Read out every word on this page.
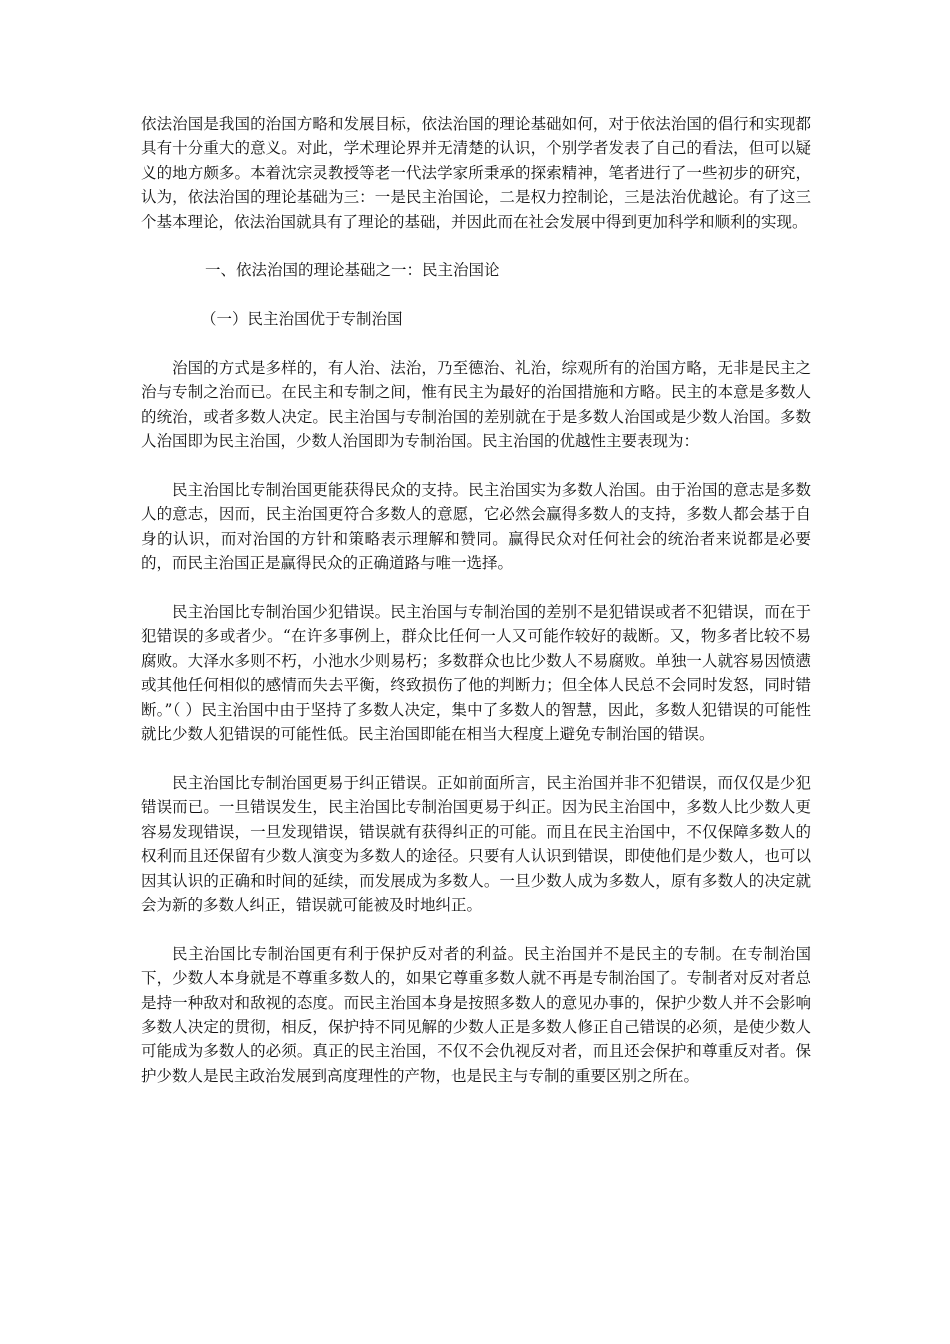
依法治国是我国的治国方略和发展目标，依法治国的理论基础如何，对于依法治国的倡行和实现都具有十分重大的意义。对此，学术理论界并无清楚的认识，个别学者发表了自己的看法，但可以疑义的地方颇多。本着沈宗灵教授等老一代法学家所秉承的探索精神，笔者进行了一些初步的研究，认为，依法治国的理论基础为三：一是民主治国论，二是权力控制论，三是法治优越论。有了这三个基本理论，依法治国就具有了理论的基础，并因此而在社会发展中得到更加科学和顺利的实现。

一、依法治国的理论基础之一：民主治国论

（一）民主治国优于专制治国

治国的方式是多样的，有人治、法治，乃至德治、礼治，综观所有的治国方略，无非是民主之治与专制之治而已。在民主和专制之间，惟有民主为最好的治国措施和方略。民主的本意是多数人的统治，或者多数人决定。民主治国与专制治国的差别就在于是多数人治国或是少数人治国。多数人治国即为民主治国，少数人治国即为专制治国。民主治国的优越性主要表现为：

民主治国比专制治国更能获得民众的支持。民主治国实为多数人治国。由于治国的意志是多数人的意志，因而，民主治国更符合多数人的意愿，它必然会赢得多数人的支持，多数人都会基于自身的认识，而对治国的方针和策略表示理解和赞同。赢得民众对任何社会的统治者来说都是必要的，而民主治国正是赢得民众的正确道路与唯一选择。

民主治国比专制治国少犯错误。民主治国与专制治国的差别不是犯错误或者不犯错误，而在于犯错误的多或者少。“在许多事例上，群众比任何一人又可能作较好的裁断。又，物多者比较不易腐败。大泽水多则不朽，小池水少则易朽；多数群众也比少数人不易腐败。单独一人就容易因愤懑或其他任何相似的感情而失去平衡，终致损伤了他的判断力；但全体人民总不会同时发怒，同时错断。”（ ）民主治国中由于坚持了多数人决定，集中了多数人的智慧，因此，多数人犯错误的可能性就比少数人犯错误的可能性低。民主治国即能在相当大程度上避免专制治国的错误。

民主治国比专制治国更易于纠正错误。正如前面所言，民主治国并非不犯错误，而仅仅是少犯错误而已。一旦错误发生，民主治国比专制治国更易于纠正。因为民主治国中，多数人比少数人更容易发现错误，一旦发现错误，错误就有获得纠正的可能。而且在民主治国中，不仅保障多数人的权利而且还保留有少数人演变为多数人的途径。只要有人认识到错误，即使他们是少数人，也可以因其认识的正确和时间的延续，而发展成为多数人。一旦少数人成为多数人，原有多数人的决定就会为新的多数人纠正，错误就可能被及时地纠正。

民主治国比专制治国更有利于保护反对者的利益。民主治国并不是民主的专制。在专制治国下，少数人本身就是不尊重多数人的，如果它尊重多数人就不再是专制治国了。专制者对反对者总是持一种敌对和敌视的态度。而民主治国本身是按照多数人的意见办事的，保护少数人并不会影响多数人决定的贯彻，相反，保护持不同见解的少数人正是多数人修正自己错误的必须，是使少数人可能成为多数人的必须。真正的民主治国，不仅不会仇视反对者，而且还会保护和尊重反对者。保护少数人是民主政治发展到高度理性的产物，也是民主与专制的重要区别之所在。
